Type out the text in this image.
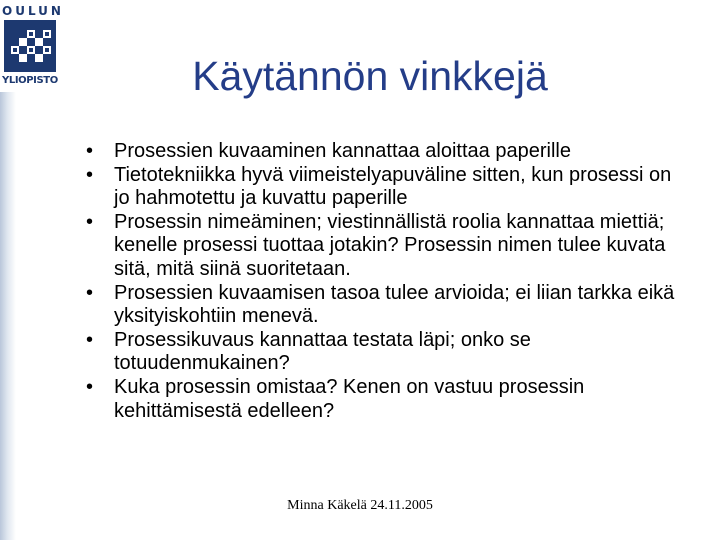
OULUN
YLIOPISTO	Käytännön vinkkejä
•	Prosessien kuvaaminen kannattaa aloittaa paperille
•	Tietotekniikka hyvä viimeistelyapuväline sitten, kun prosessi on jo hahmotettu ja kuvattu paperille
•	Prosessin nimeäminen; viestinnällistä roolia kannattaa miettiä; kenelle prosessi tuottaa jotakin? Prosessin nimen tulee kuvata sitä, mitä siinä suoritetaan.
•	Prosessien kuvaamisen tasoa tulee arvioida; ei liian tarkka eikä yksityiskohtiin menevä.
•	Prosessikuvaus kannattaa testata läpi; onko se totuudenmukainen?
•	Kuka prosessin omistaa? Kenen on vastuu prosessin kehittämisestä edelleen?
Minna Käkelä 24.11.2005
